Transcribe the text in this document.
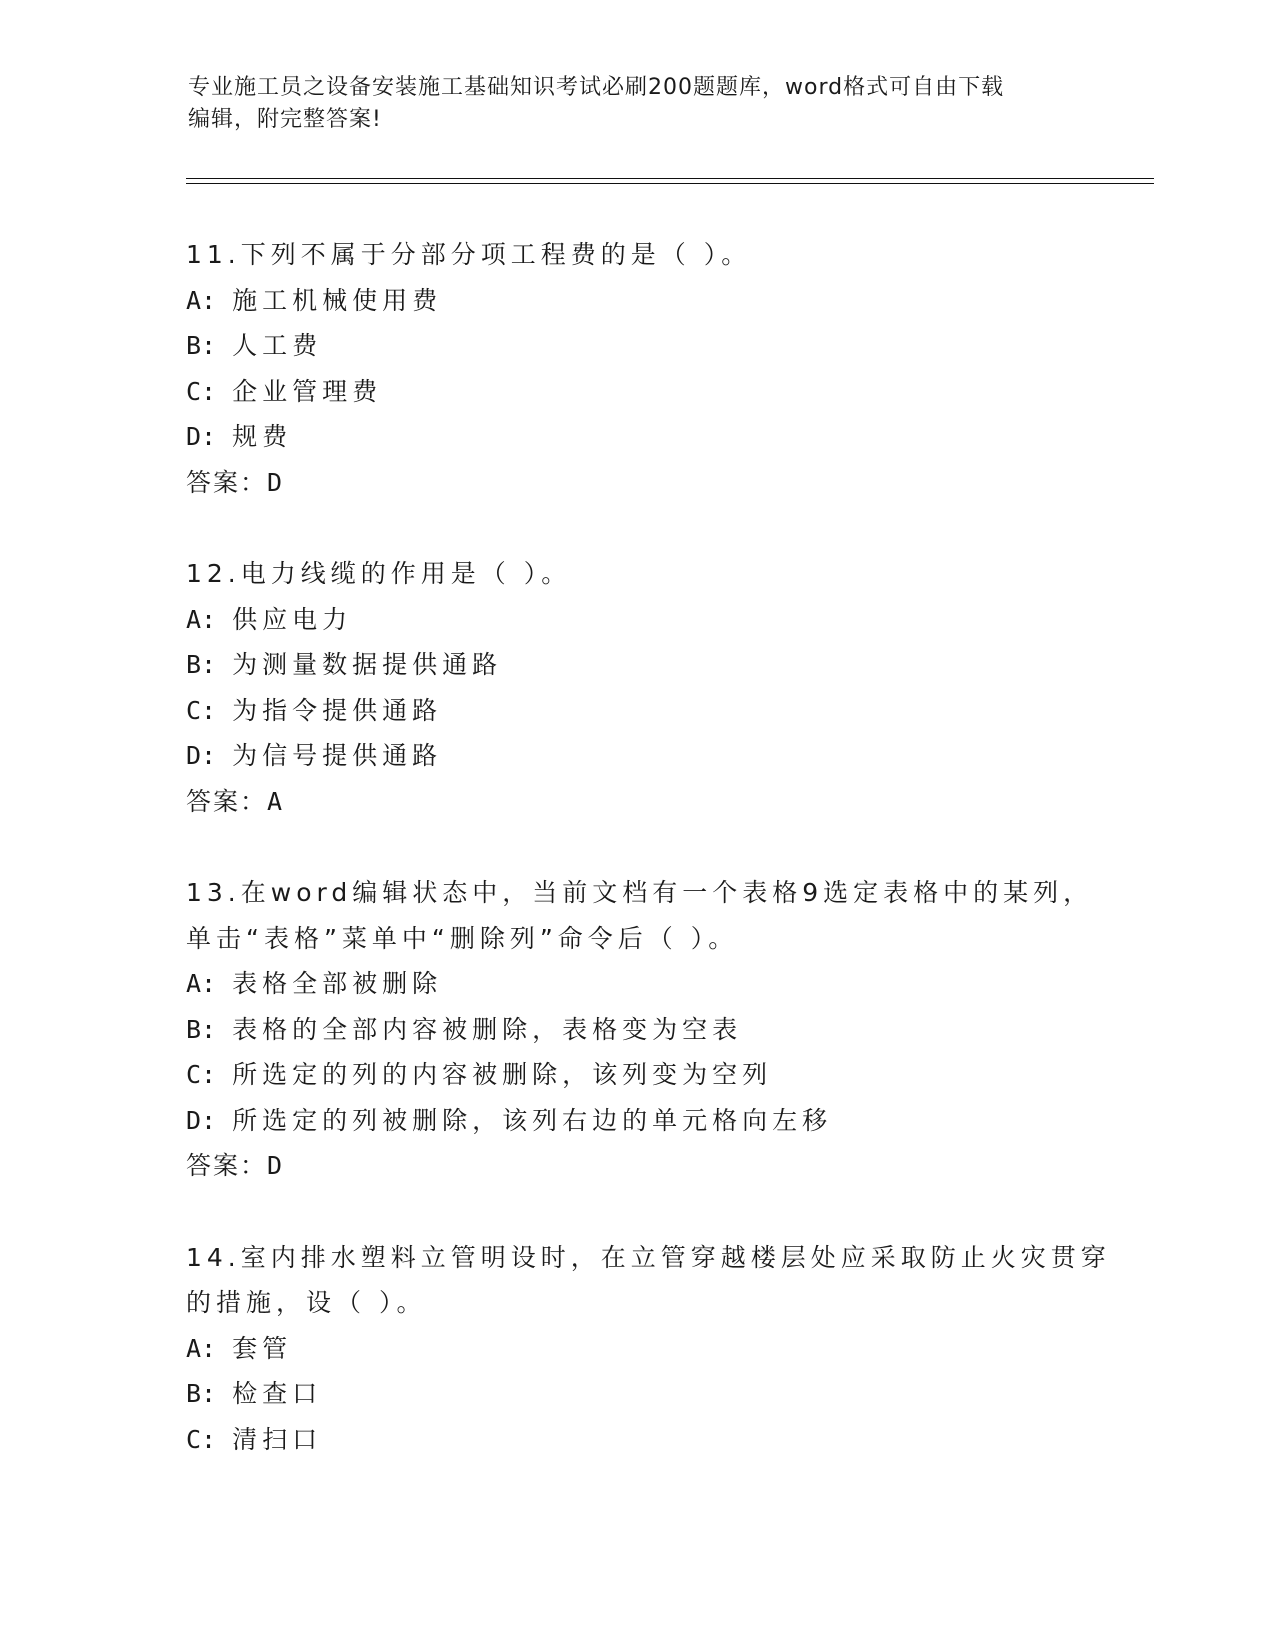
专业施工员之设备安装施工基础知识考试必刷200题题库，word格式可自由下载
编辑，附完整答案!
11.下列不属于分部分项工程费的是（ ）。
A: 施工机械使用费
B: 人工费
C: 企业管理费
D: 规费
答案：D
12.电力线缆的作用是（ ）。
A: 供应电力
B: 为测量数据提供通路
C: 为指令提供通路
D: 为信号提供通路
答案：A
13.在word编辑状态中，当前文档有一个表格9选定表格中的某列，
单击“表格”菜单中“删除列”命令后（ ）。
A: 表格全部被删除
B: 表格的全部内容被删除，表格变为空表
C: 所选定的列的内容被删除，该列变为空列
D: 所选定的列被删除，该列右边的单元格向左移
答案：D
14.室内排水塑料立管明设时，在立管穿越楼层处应采取防止火灾贯穿
的措施，设（ ）。
A: 套管
B: 检查口
C: 清扫口
